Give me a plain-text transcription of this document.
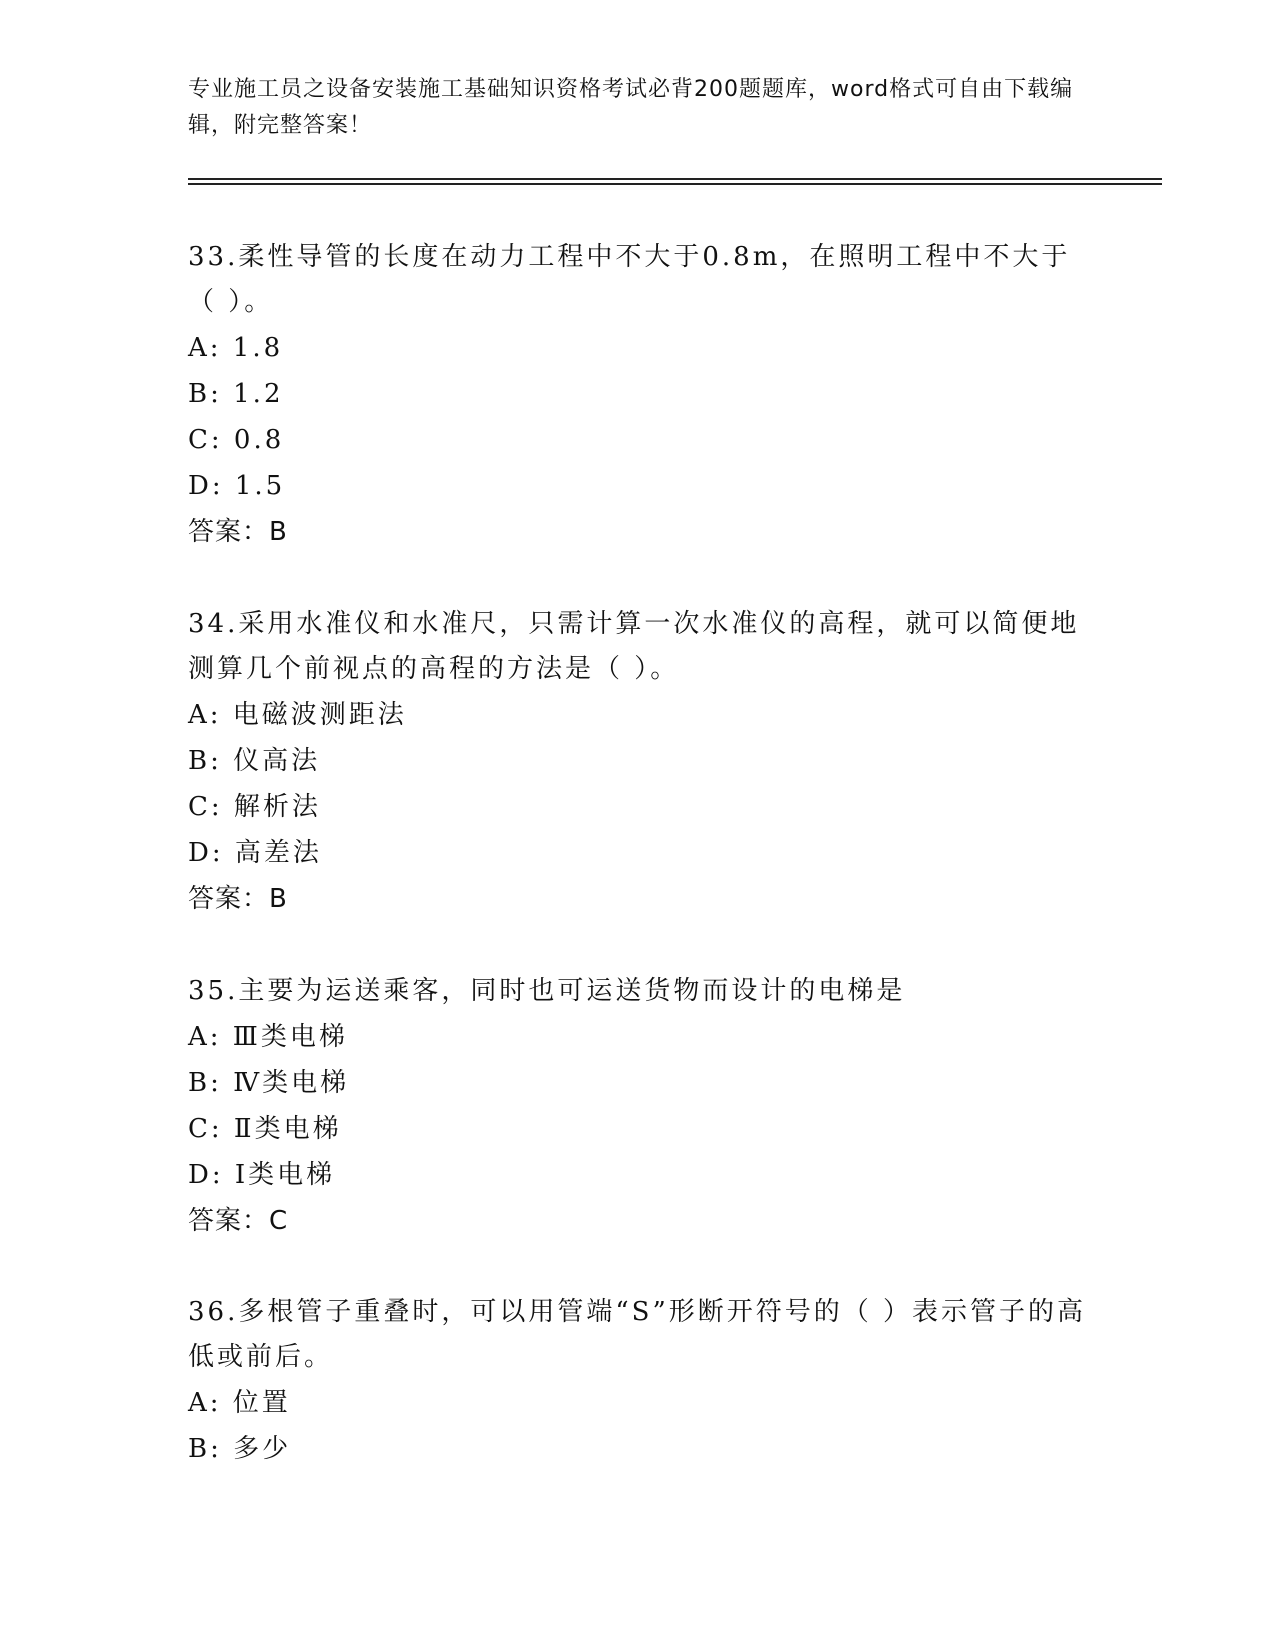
专业施工员之设备安装施工基础知识资格考试必背200题题库，word格式可自由下载编辑，附完整答案！

33.柔性导管的长度在动力工程中不大于0.8m，在照明工程中不大于（ ）。

A: 1.8

B: 1.2

C: 0.8

D: 1.5

答案：B

34.采用水准仪和水准尺，只需计算一次水准仪的高程，就可以简便地测算几个前视点的高程的方法是（ ）。

A: 电磁波测距法

B: 仪高法

C: 解析法

D: 高差法

答案：B

35.主要为运送乘客，同时也可运送货物而设计的电梯是

A: Ⅲ类电梯

B: Ⅳ类电梯

C: Ⅱ类电梯

D: Ⅰ类电梯

答案：C

36.多根管子重叠时，可以用管端“S”形断开符号的（ ）表示管子的高低或前后。

A: 位置

B: 多少
